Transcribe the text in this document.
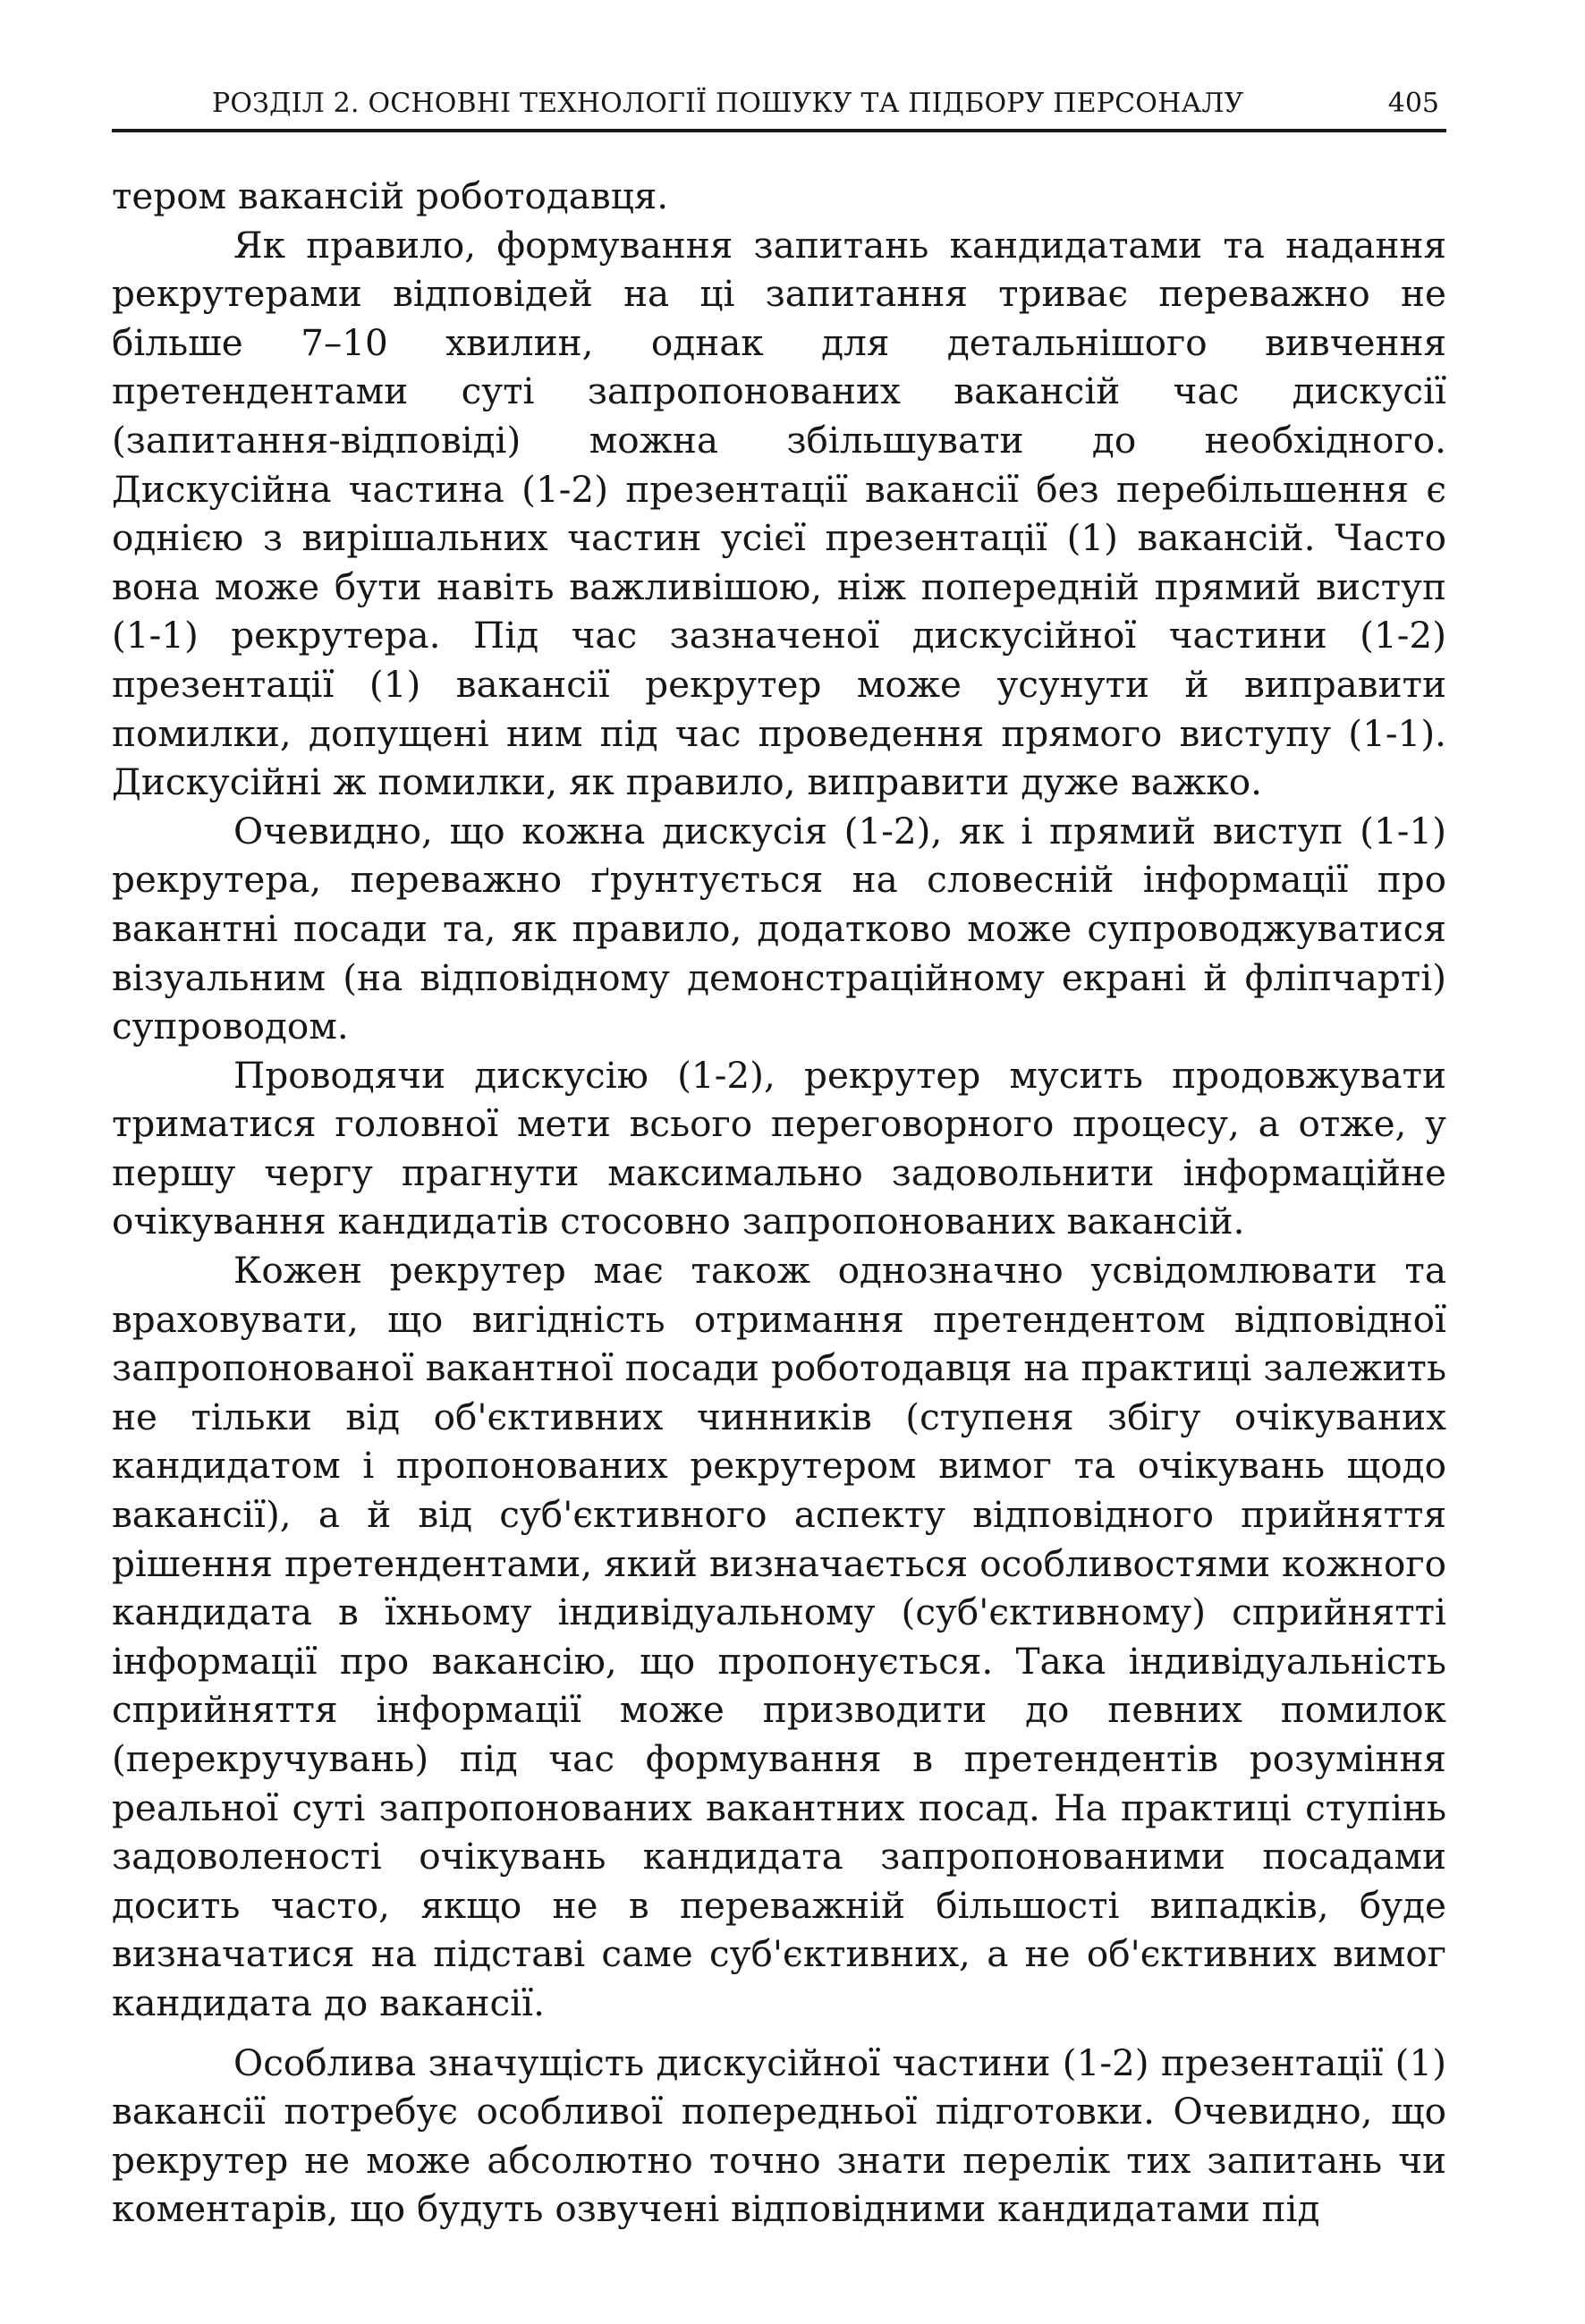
РОЗДІЛ 2. ОСНОВНІ ТЕХНОЛОГІЇ ПОШУКУ ТА ПІДБОРУ ПЕРСОНАЛУ	405

тером вакансій роботодавця.

Як правило, формування запитань кандидатами та надання рекрутерами відповідей на ці запитання триває переважно не більше 7–10 хвилин, однак для детальнішого вивчення претендентами суті запропонованих вакансій час дискусії (запитання-відповіді) можна збільшувати до необхідного. Дискусійна частина (1-2) презентації вакансії без перебільшення є однією з вирішальних частин усієї презентації (1) вакансій. Часто вона може бути навіть важливішою, ніж попередній прямий виступ (1-1) рекрутера. Під час зазначеної дискусійної частини (1-2) презентації (1) вакансії рекрутер може усунути й виправити помилки, допущені ним під час проведення прямого виступу (1-1). Дискусійні ж помилки, як правило, виправити дуже важко.

Очевидно, що кожна дискусія (1-2), як і прямий виступ (1-1) рекрутера, переважно ґрунтується на словесній інформації про вакантні посади та, як правило, додатково може супроводжуватися візуальним (на відповідному демонстраційному екрані й фліпчарті) супроводом.

Проводячи дискусію (1-2), рекрутер мусить продовжувати триматися головної мети всього переговорного процесу, а отже, у першу чергу прагнути максимально задовольнити інформаційне очікування кандидатів стосовно запропонованих вакансій.

Кожен рекрутер має також однозначно усвідомлювати та враховувати, що вигідність отримання претендентом відповідної запропонованої вакантної посади роботодавця на практиці залежить не тільки від об'єктивних чинників (ступеня збігу очікуваних кандидатом і пропонованих рекрутером вимог та очікувань щодо вакансії), а й від суб'єктивного аспекту відповідного прийняття рішення претендентами, який визначається особливостями кожного кандидата в їхньому індивідуальному (суб'єктивному) сприйнятті інформації про вакансію, що пропонується. Така індивідуальність сприйняття інформації може призводити до певних помилок (перекручувань) під час формування в претендентів розуміння реальної суті запропонованих вакантних посад. На практиці ступінь задоволеності очікувань кандидата запропонованими посадами досить часто, якщо не в переважній більшості випадків, буде визначатися на підставі саме суб'єктивних, а не об'єктивних вимог кандидата до вакансії.

Особлива значущість дискусійної частини (1-2) презентації (1) вакансії потребує особливої попередньої підготовки. Очевидно, що рекрутер не може абсолютно точно знати перелік тих запитань чи коментарів, що будуть озвучені відповідними кандидатами під
